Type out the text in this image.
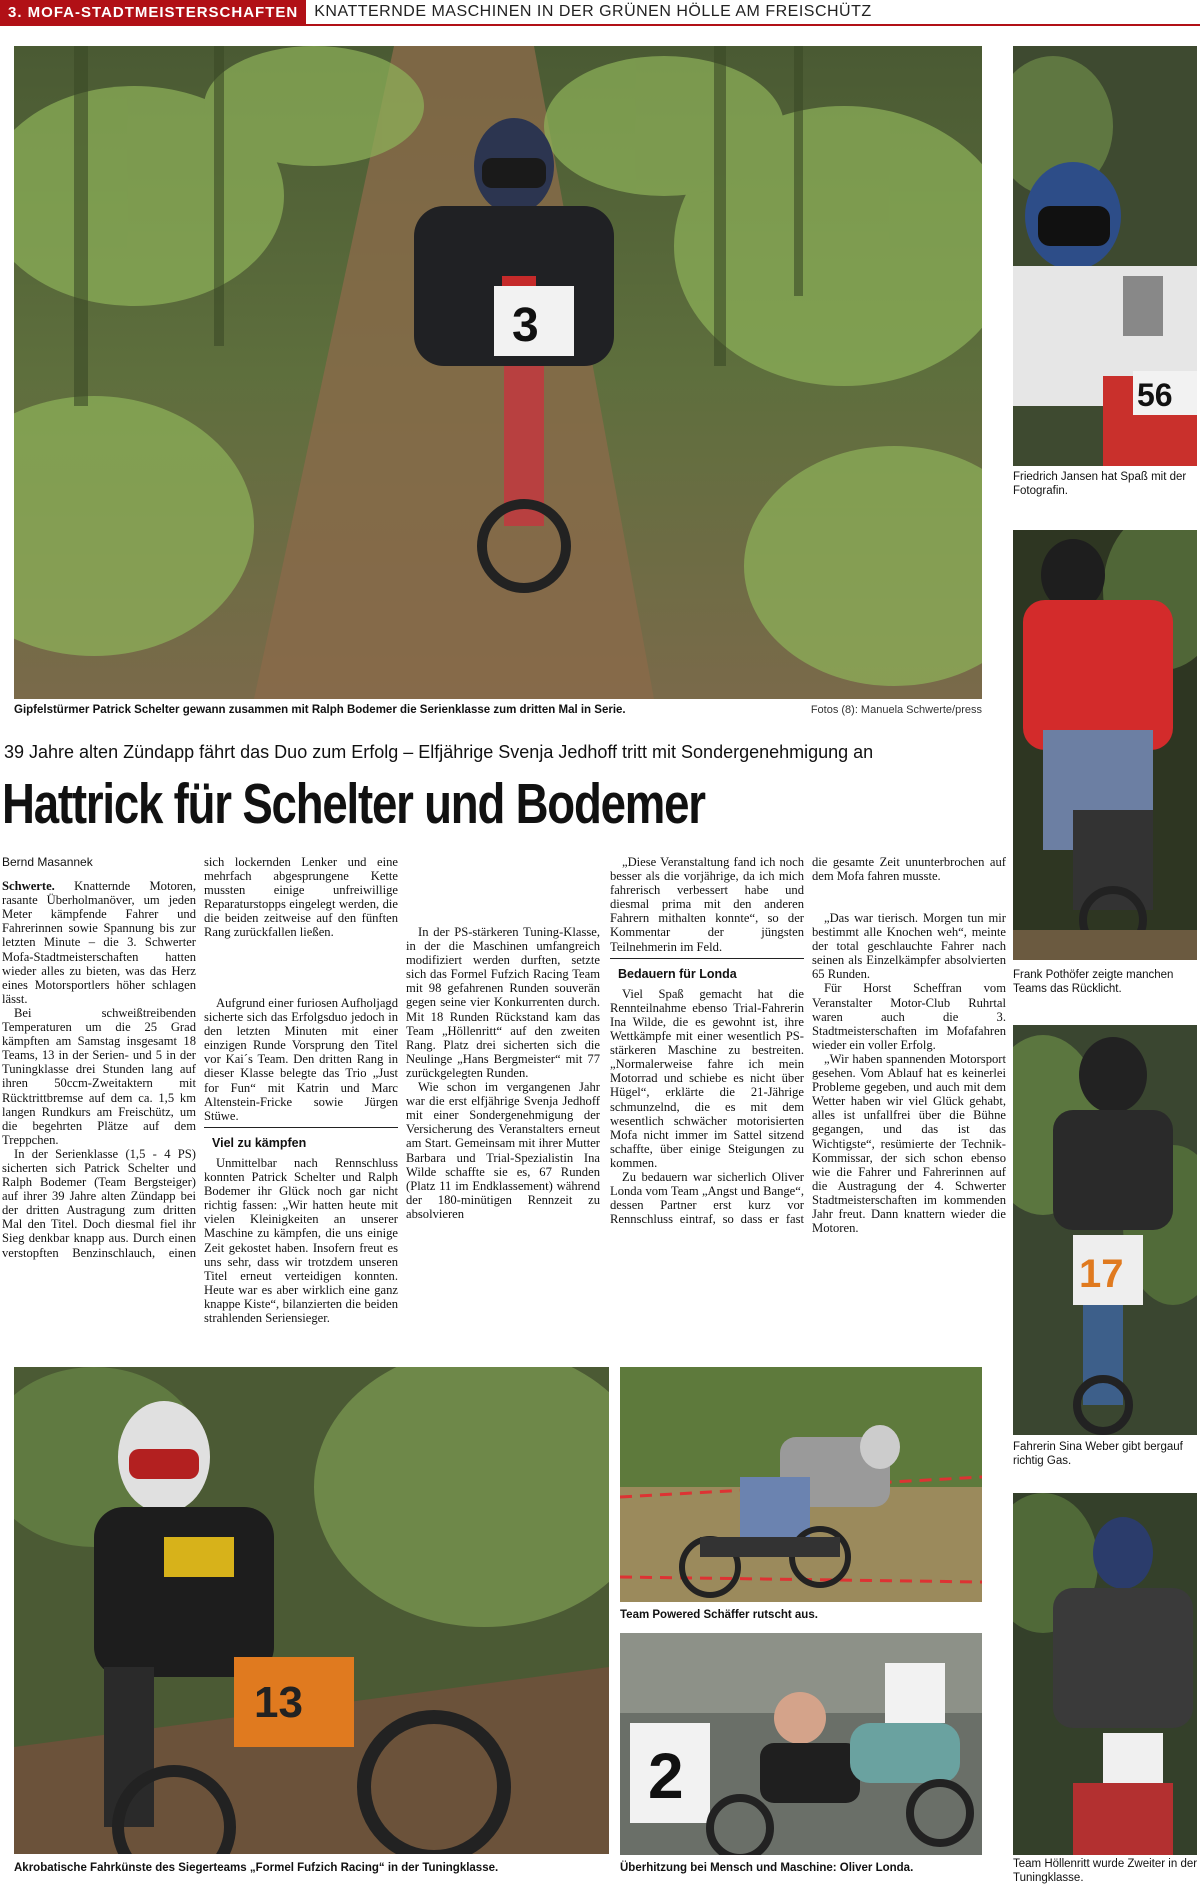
3. MOFA-STADTMEISTERSCHAFTEN	KNATTERNDE MASCHINEN IN DER GRÜNEN HÖLLE AM FREISCHÜTZ
3
Gipfelstürmer Patrick Schelter gewann zusammen mit Ralph Bodemer die Serienklasse zum dritten Mal in Serie.	Fotos (8): Manuela Schwerte/press
56
Friedrich Jansen hat Spaß mit der Fotografin.
Frank Pothöfer zeigte manchen Teams das Rücklicht.
17
Fahrerin Sina Weber gibt bergauf richtig Gas.
Team Höllenritt wurde Zweiter in der Tuningklasse.
39 Jahre alten Zündapp fährt das Duo zum Erfolg – Elfjährige Svenja Jedhoff tritt mit Sondergenehmigung an
Hattrick für Schelter und Bodemer
Bernd Masannek

Schwerte. Knatternde Motoren, rasante Überholmanöver, um jeden Meter kämpfende Fahrer und Fahrerinnen sowie Spannung bis zur letzten Minute – die 3. Schwerter Mofa-Stadtmeisterschaften hatten wieder alles zu bieten, was das Herz eines Motorsportlers höher schlagen lässt.

Bei schweißtreibenden Temperaturen um die 25 Grad kämpften am Samstag insgesamt 18 Teams, 13 in der Serien- und 5 in der Tuningklasse drei Stunden lang auf ihren 50ccm-Zweitaktern mit Rücktrittbremse auf dem ca. 1,5 km langen Rundkurs am Freischütz, um die begehrten Plätze auf dem Treppchen.

In der Serienklasse (1,5 - 4 PS) sicherten sich Patrick Schelter und Ralph Bodemer (Team Bergsteiger) auf ihrer 39 Jahre alten Zündapp bei der dritten Austragung zum dritten Mal den Titel. Doch diesmal fiel ihr Sieg denkbar knapp aus. Durch einen verstopften Benzinschlauch, einen

sich lockernden Lenker und eine mehrfach abgesprungene Kette mussten einige unfreiwillige Reparaturstopps eingelegt werden, die die beiden zeitweise auf den fünften Rang zurückfallen ließen.

Aufgrund einer furiosen Aufholjagd sicherte sich das Erfolgsduo jedoch in den letzten Minuten mit einer einzigen Runde Vorsprung den Titel vor Kai´s Team. Den dritten Rang in dieser Klasse belegte das Trio „Just for Fun“ mit Katrin und Marc Altenstein-Fricke sowie Jürgen Stüwe.

Viel zu kämpfen

Unmittelbar nach Rennschluss konnten Patrick Schelter und Ralph Bodemer ihr Glück noch gar nicht richtig fassen: „Wir hatten heute mit vielen Kleinigkeiten an unserer Maschine zu kämpfen, die uns einige Zeit gekostet haben. Insofern freut es uns sehr, dass wir trotzdem unseren Titel erneut verteidigen konnten. Heute war es aber wirklich eine ganz knappe Kiste“, bilanzierten die beiden strahlenden Seriensieger.

In der PS-stärkeren Tuning-Klasse, in der die Maschinen umfangreich modifiziert werden durften, setzte sich das Formel Fufzich Racing Team mit 98 gefahrenen Runden souverän gegen seine vier Konkurrenten durch. Mit 18 Runden Rückstand kam das Team „Höllenritt“ auf den zweiten Rang. Platz drei sicherten sich die Neulinge „Hans Bergmeister“ mit 77 zurückgelegten Runden.

Wie schon im vergangenen Jahr war die erst elfjährige Svenja Jedhoff mit einer Sondergenehmigung der Versicherung des Veranstalters erneut am Start. Gemeinsam mit ihrer Mutter Barbara und Trial-Spezialistin Ina Wilde schaffte sie es, 67 Runden (Platz 11 im Endklassement) während der 180-minütigen Rennzeit zu absolvieren

„Diese Veranstaltung fand ich noch besser als die vorjährige, da ich mich fahrerisch verbessert habe und diesmal prima mit den anderen Fahrern mithalten konnte“, so der Kommentar der jüngsten Teilnehmerin im Feld.

Bedauern für Londa

Viel Spaß gemacht hat die Rennteilnahme ebenso Trial-Fahrerin Ina Wilde, die es gewohnt ist, ihre Wettkämpfe mit einer wesentlich PS-stärkeren Maschine zu bestreiten. „Normalerweise fahre ich mein Motorrad und schiebe es nicht über Hügel“, erklärte die 21-Jährige schmunzelnd, die es mit dem wesentlich schwächer motorisierten Mofa nicht immer im Sattel sitzend schaffte, über einige Steigungen zu kommen.

Zu bedauern war sicherlich Oliver Londa vom Team „Angst und Bange“, dessen Partner erst kurz vor Rennschluss eintraf, so dass er fast

die gesamte Zeit ununterbrochen auf dem Mofa fahren musste.

„Das war tierisch. Morgen tun mir bestimmt alle Knochen weh“, meinte der total geschlauchte Fahrer nach seinen als Einzelkämpfer absolvierten 65 Runden.

Für Horst Scheffran vom Veranstalter Motor-Club Ruhrtal waren auch die 3. Stadtmeisterschaften im Mofafahren wieder ein voller Erfolg.

„Wir haben spannenden Motorsport gesehen. Vom Ablauf hat es keinerlei Probleme gegeben, und auch mit dem Wetter haben wir viel Glück gehabt, alles ist unfallfrei über die Bühne gegangen, und das ist das Wichtigste“, resümierte der Technik-Kommissar, der sich schon ebenso wie die Fahrer und Fahrerinnen auf die Austragung der 4. Schwerter Stadtmeisterschaften im kommenden Jahr freut. Dann knattern wieder die Motoren.

13
Akrobatische Fahrkünste des Siegerteams „Formel Fufzich Racing“ in der Tuningklasse.
Team Powered Schäffer rutscht aus.
2
Überhitzung bei Mensch und Maschine: Oliver Londa.
